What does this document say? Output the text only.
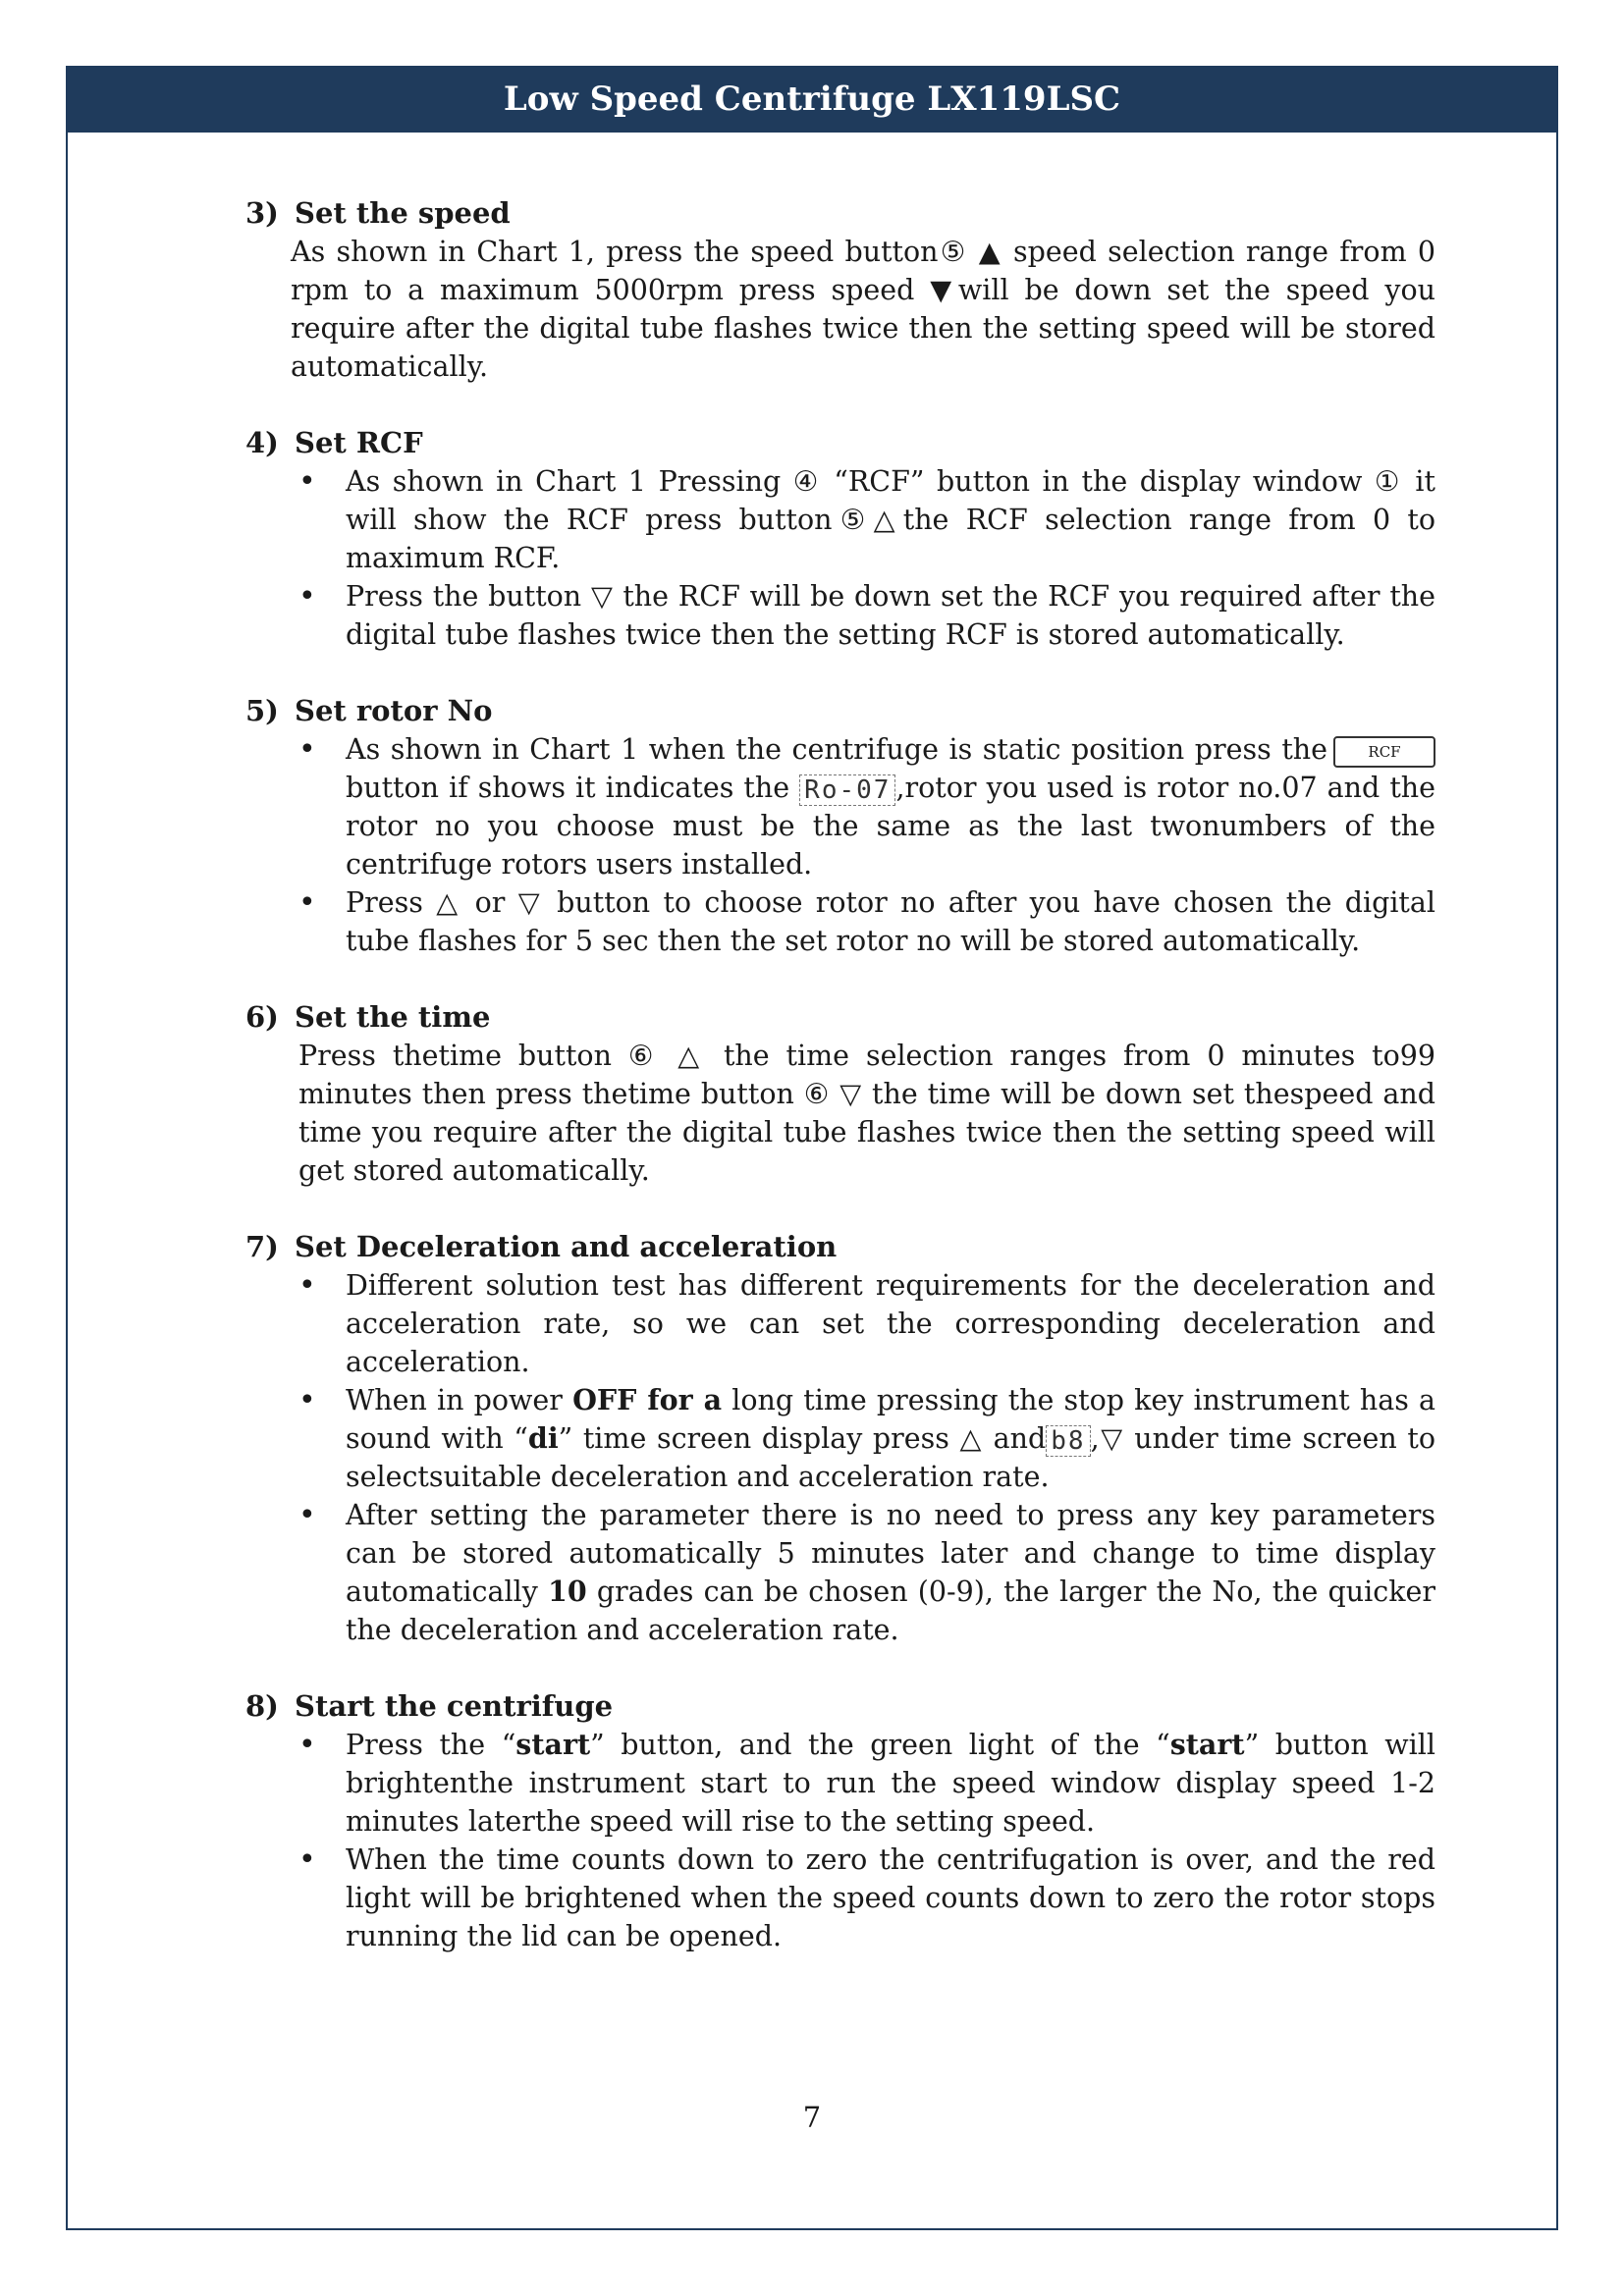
Low Speed Centrifuge LX119LSC
3) Set the speed

As shown in Chart 1, press the speed button⑤ ▲ speed selection range from 0 rpm to a maximum 5000rpm press speed ▼will be down set the speed you require after the digital tube flashes twice then the setting speed will be stored automatically.

4) Set RCF
• As shown in Chart 1 Pressing ④ “RCF” button in the display window ① it will show the RCF press button⑤△the RCF selection range from 0 to maximum RCF.
• Press the button ▽ the RCF will be down set the RCF you required after the digital tube flashes twice then the setting RCF is stored automatically.
5) Set rotor No
• As shown in Chart 1 when the centrifuge is static position press the	RCF button if shows it indicates the Ro-07 ,rotor you used is rotor no.07 and the rotor no you choose must be the same as the last twonumbers of the centrifuge rotors users installed.
• Press △ or ▽ button to choose rotor no after you have chosen the digital tube flashes for 5 sec then the set rotor no will be stored automatically.
6) Set the time

Press thetime button ⑥ △ the time selection ranges from 0 minutes to99 minutes then press thetime button ⑥ ▽ the time will be down set thespeed and time you require after the digital tube flashes twice then the setting speed will get stored automatically.

7) Set Deceleration and acceleration
• Different solution test has different requirements for the deceleration and acceleration rate, so we can set the corresponding deceleration and acceleration.
• When in power OFF for a long time pressing the stop key instrument has a sound with “di” time screen display press △ and b8 ,▽ under time screen to selectsuitable deceleration and acceleration rate.
• After setting the parameter there is no need to press any key parameters can be stored automatically 5 minutes later and change to time display automatically 10 grades can be chosen (0-9), the larger the No, the quicker the deceleration and acceleration rate.
8) Start the centrifuge
• Press the “start” button, and the green light of the “start” button will brightenthe instrument start to run the speed window display speed 1-2 minutes laterthe speed will rise to the setting speed.
• When the time counts down to zero the centrifugation is over, and the red light will be brightened when the speed counts down to zero the rotor stops running the lid can be opened.
7
